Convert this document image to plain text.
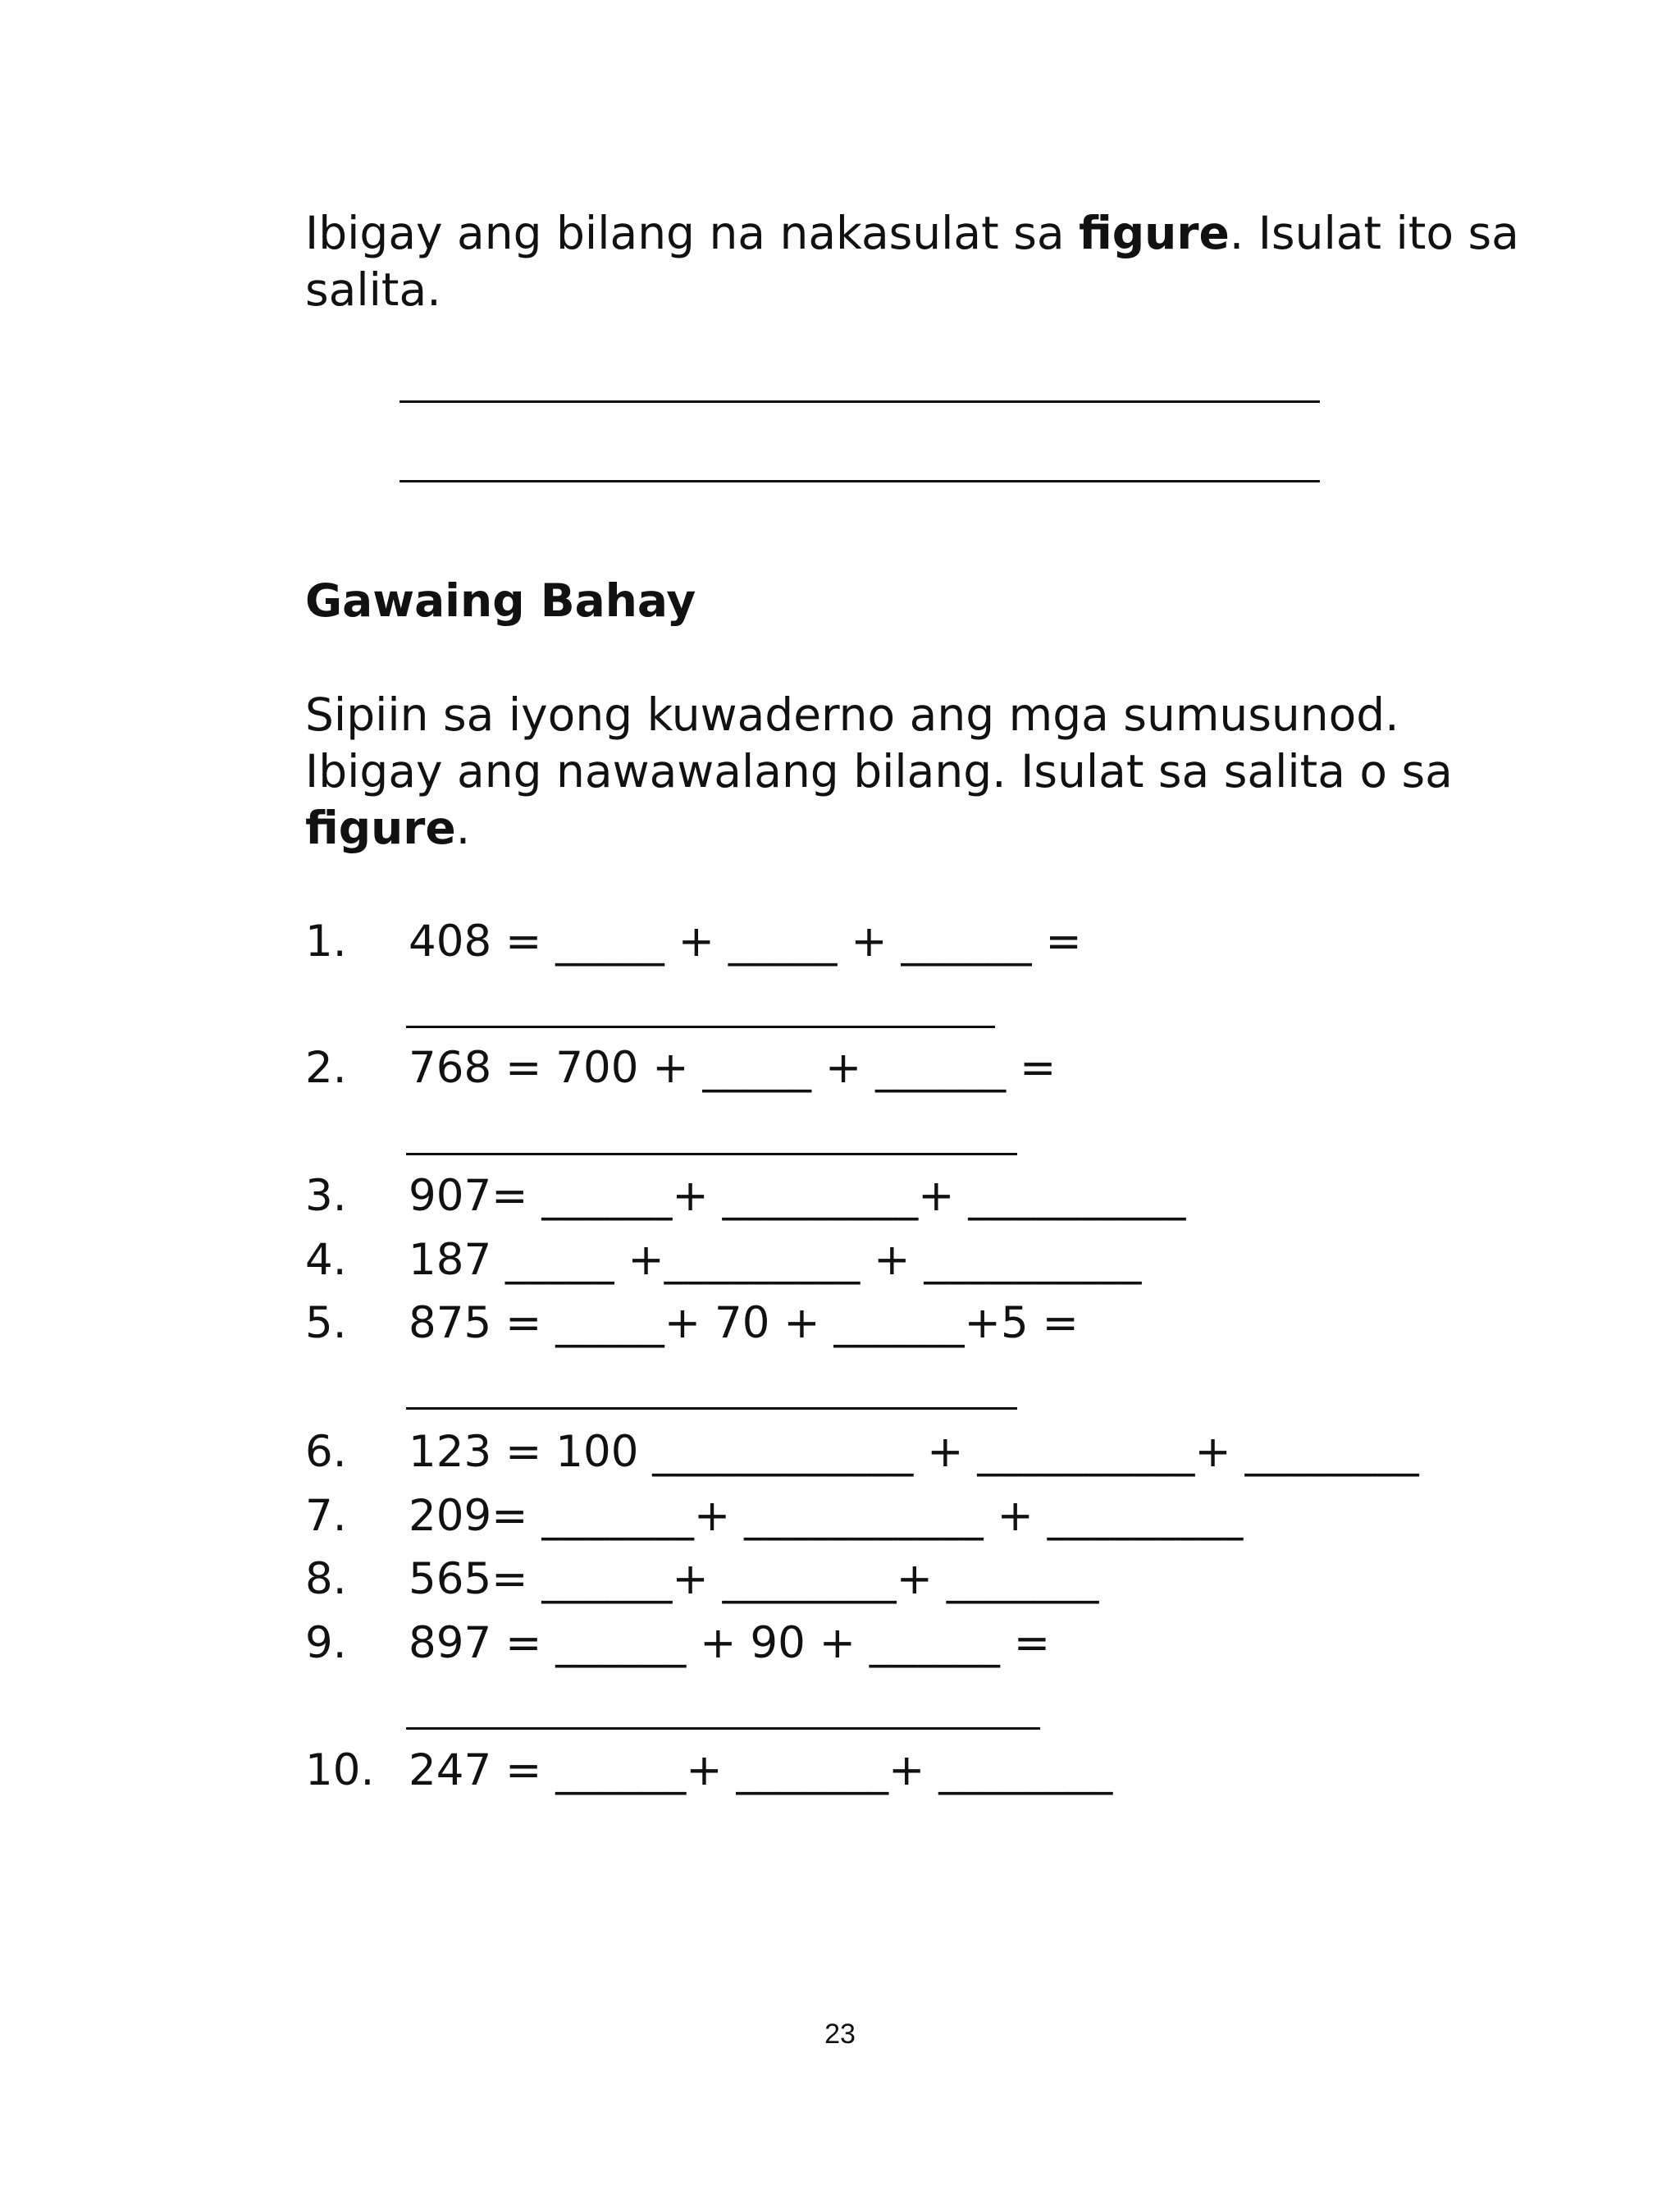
Ibigay ang bilang na nakasulat sa figure. Isulat ito sa
salita.
Gawaing Bahay
Sipiin sa iyong kuwaderno ang mga sumusunod.
Ibigay ang nawawalang bilang. Isulat sa salita o sa
figure.
1. 408 = _____ + _____ + ______ =
2. 768 = 700 + _____ + ______ =
3. 907= ______+ _________+ __________
4. 187 _____ +_________ + __________
5. 875 = _____+ 70 + ______+5 =
6. 123 = 100 ____________ + __________+ ________
7. 209= _______+ ___________ + _________
8. 565= ______+ ________+ _______
9. 897 = ______ + 90 + ______ =
10. 247 = ______+ _______+ ________
23
